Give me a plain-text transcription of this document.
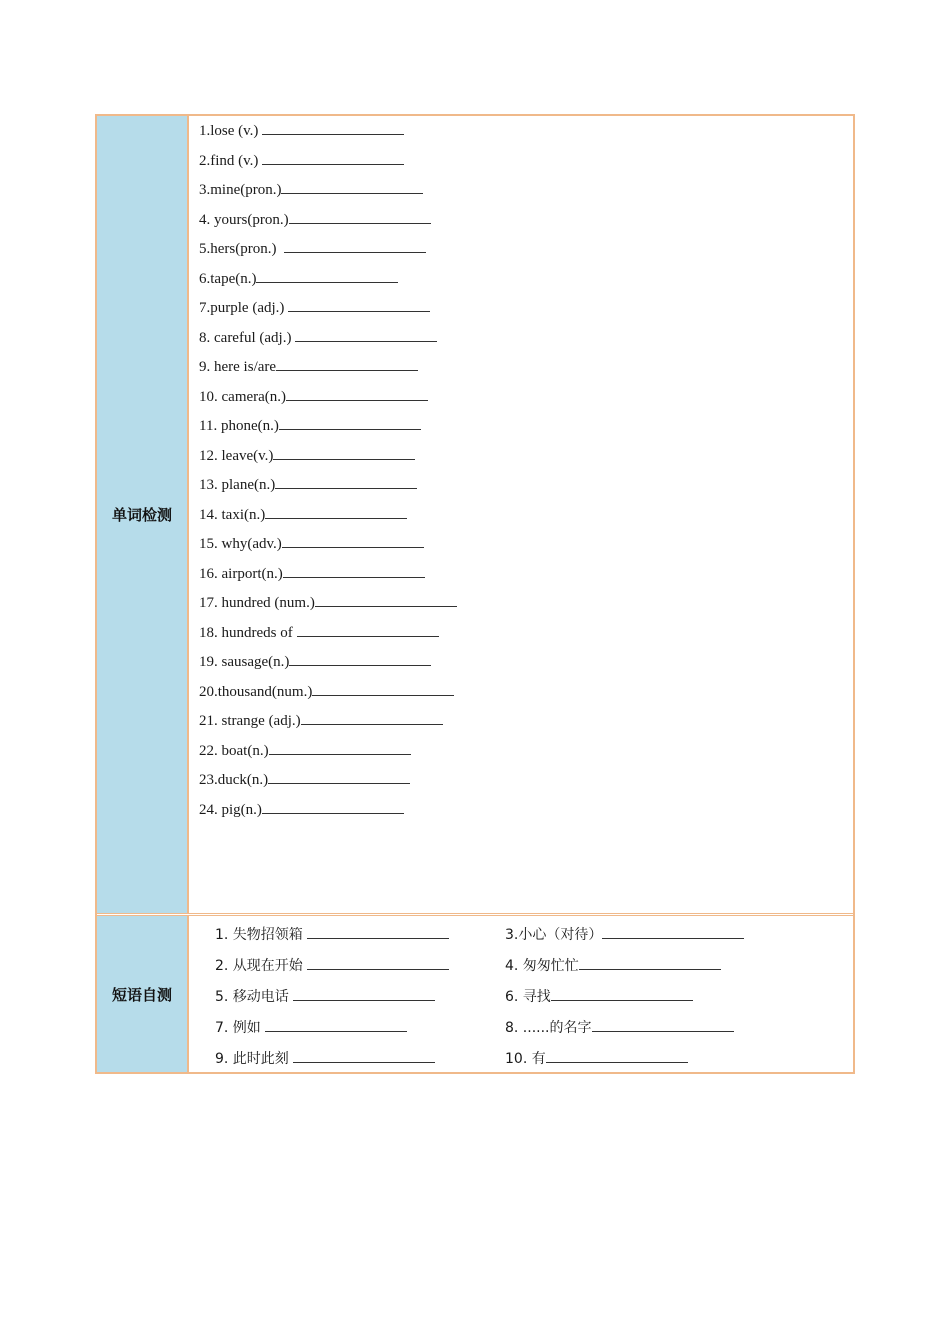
单词检测
1.lose (v.)
2.find (v.)
3.mine(pron.)
4. yours(pron.)
5.hers(pron.)
6.tape(n.)
7.purple (adj.)
8. careful (adj.)
9. here is/are
10. camera(n.)
11. phone(n.)
12. leave(v.)
13. plane(n.)
14. taxi(n.)
15. why(adv.)
16. airport(n.)
17. hundred (num.)
18. hundreds of
19. sausage(n.)
20.thousand(num.)
21. strange (adj.)
22. boat(n.)
23.duck(n.)
24. pig(n.)
短语自测
1. 失物招领箱	3.小心（对待）
2. 从现在开始	4. 匆匆忙忙
5. 移动电话	6. 寻找
7. 例如	8. ......的名字
9. 此时此刻	10. 有
